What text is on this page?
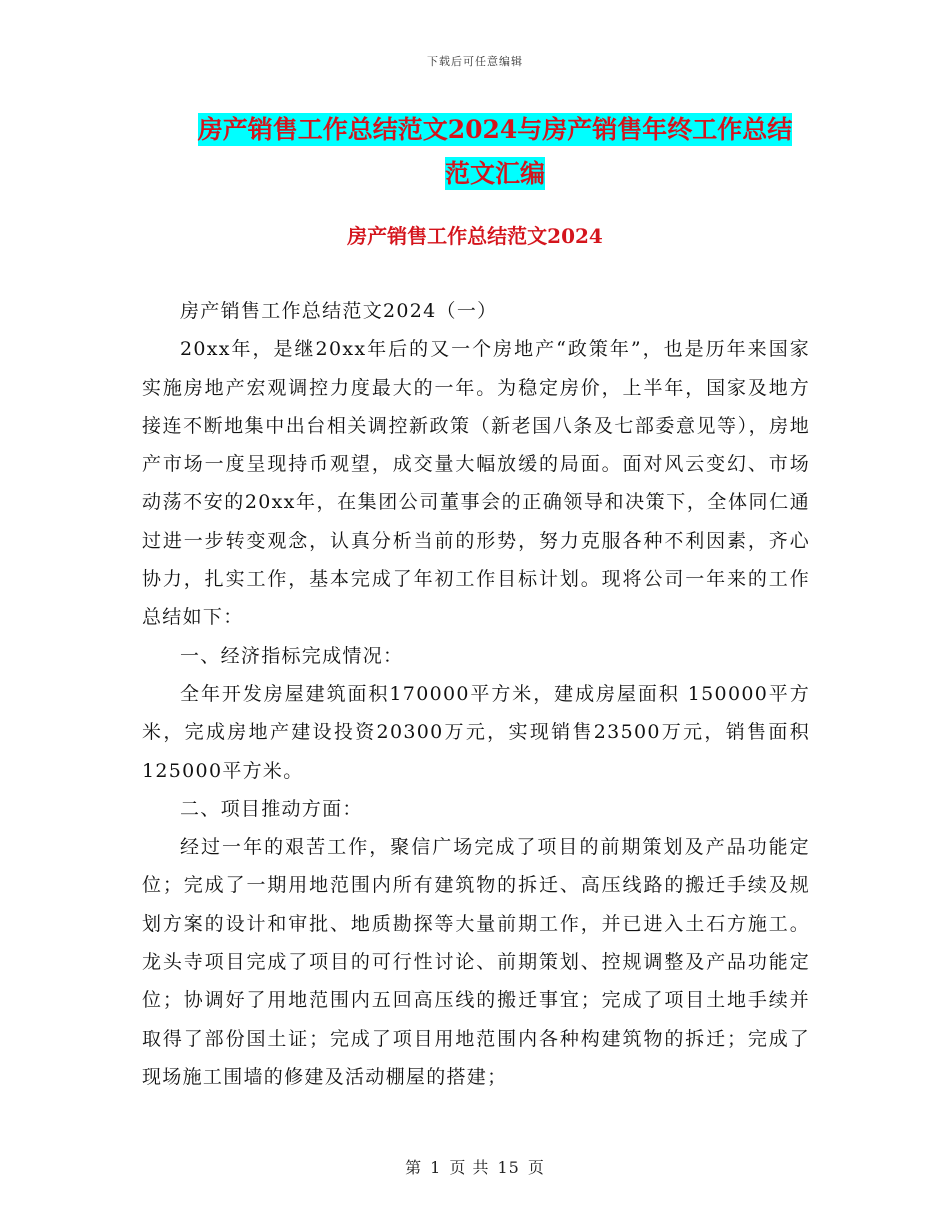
下载后可任意编辑
房产销售工作总结范文2024与房产销售年终工作总结
范文汇编
房产销售工作总结范文2024

房产销售工作总结范文2024（一）

20xx年，是继20xx年后的又一个房地产“政策年”，也是历年来国家实施房地产宏观调控力度最大的一年。为稳定房价，上半年，国家及地方接连不断地集中出台相关调控新政策（新老国八条及七部委意见等），房地产市场一度呈现持币观望，成交量大幅放缓的局面。面对风云变幻、市场动荡不安的20xx年，在集团公司董事会的正确领导和决策下，全体同仁通过进一步转变观念，认真分析当前的形势，努力克服各种不利因素，齐心协力，扎实工作，基本完成了年初工作目标计划。现将公司一年来的工作总结如下：

一、经济指标完成情况：

全年开发房屋建筑面积170000平方米，建成房屋面积 150000平方米，完成房地产建设投资20300万元，实现销售23500万元，销售面积125000平方米。

二、项目推动方面：

经过一年的艰苦工作，聚信广场完成了项目的前期策划及产品功能定位；完成了一期用地范围内所有建筑物的拆迁、高压线路的搬迁手续及规划方案的设计和审批、地质勘探等大量前期工作，并已进入土石方施工。龙头寺项目完成了项目的可行性讨论、前期策划、控规调整及产品功能定位；协调好了用地范围内五回高压线的搬迁事宜；完成了项目土地手续并取得了部份国土证；完成了项目用地范围内各种构建筑物的拆迁；完成了现场施工围墙的修建及活动棚屋的搭建；

第 1 页 共 15 页
